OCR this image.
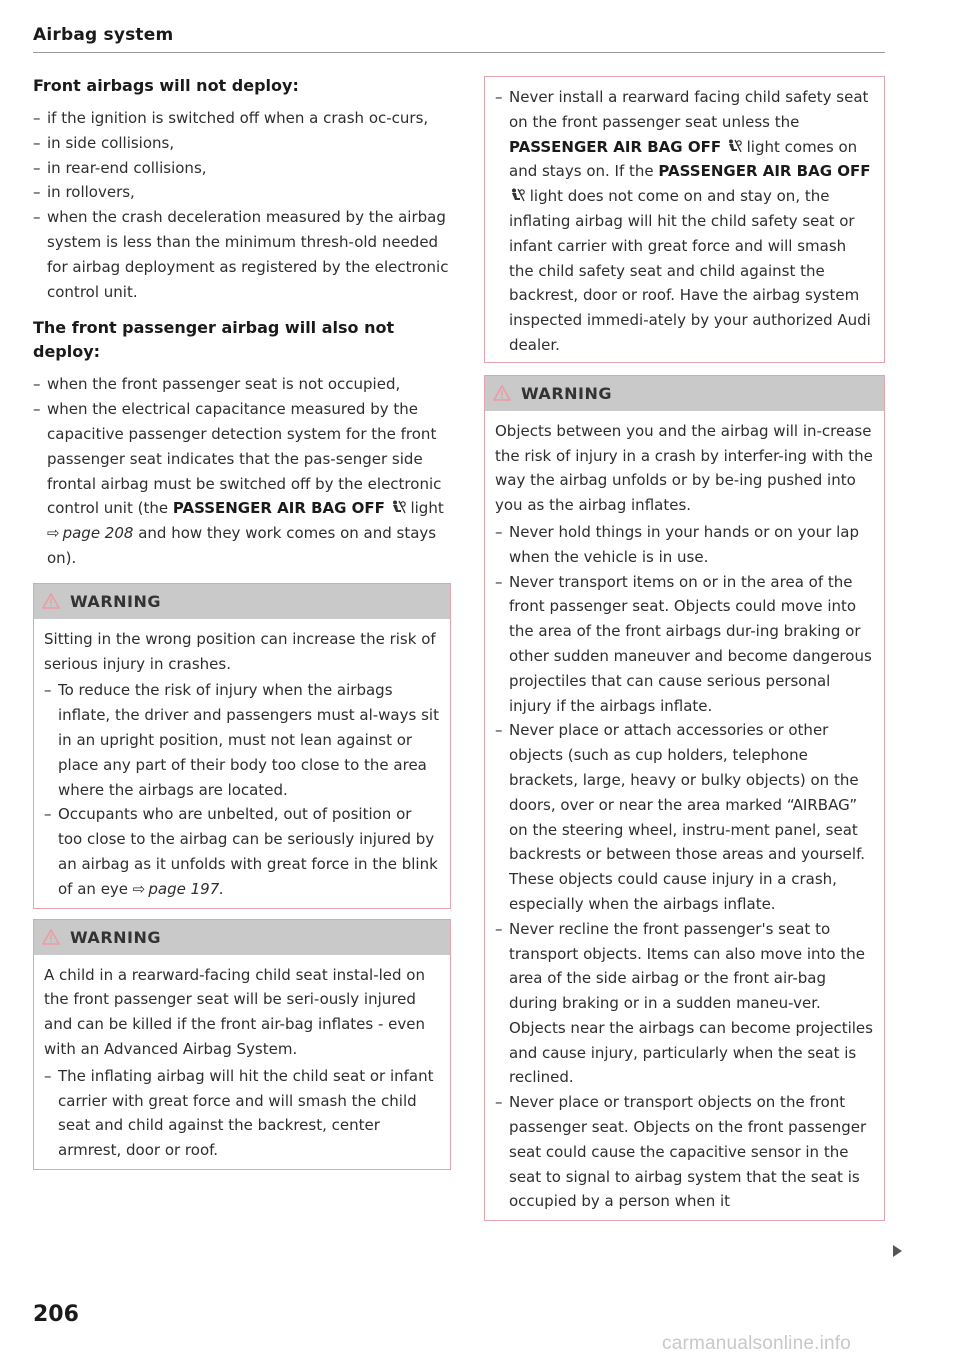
Airbag system
Front airbags will not deploy:
– if the ignition is switched off when a crash oc-curs,
– in side collisions,
– in rear-end collisions,
– in rollovers,
– when the crash deceleration measured by the airbag system is less than the minimum thresh-old needed for airbag deployment as registered by the electronic control unit.
The front passenger airbag will also not deploy:
– when the front passenger seat is not occupied,
– when the electrical capacitance measured by the capacitive passenger detection system for the front passenger seat indicates that the pas-senger side frontal airbag must be switched off by the electronic control unit (the PASSENGER AIR BAG OFF  light ⇨  page 208 and how they work comes on and stays on).
WARNING

Sitting in the wrong position can increase the risk of serious injury in crashes.

– To reduce the risk of injury when the airbags inflate, the driver and passengers must al-ways sit in an upright position, must not lean against or place any part of their body too close to the area where the airbags are located.
– Occupants who are unbelted, out of position or too close to the airbag can be seriously injured by an airbag as it unfolds with great force in the blink of an eye ⇨  page 197.
WARNING

A child in a rearward-facing child seat instal-led on the front passenger seat will be seri-ously injured and can be killed if the front air-bag inflates - even with an Advanced Airbag System.

– The inflating airbag will hit the child seat or infant carrier with great force and will smash the child seat and child against the backrest, center armrest, door or roof.
– Never install a rearward facing child safety seat on the front passenger seat unless the PASSENGER AIR BAG OFF  light comes on and stays on. If the PASSENGER AIR BAG OFF  light does not come on and stay on, the inflating airbag will hit the child safety seat or infant carrier with great force and will smash the child safety seat and child against the backrest, door or roof. Have the airbag system inspected immedi-ately by your authorized Audi dealer.
WARNING

Objects between you and the airbag will in-crease the risk of injury in a crash by interfer-ing with the way the airbag unfolds or by be-ing pushed into you as the airbag inflates.

– Never hold things in your hands or on your lap when the vehicle is in use.
– Never transport items on or in the area of the front passenger seat. Objects could move into the area of the front airbags dur-ing braking or other sudden maneuver and become dangerous projectiles that can cause serious personal injury if the airbags inflate.
– Never place or attach accessories or other objects (such as cup holders, telephone brackets, large, heavy or bulky objects) on the doors, over or near the area marked “AIRBAG” on the steering wheel, instru-ment panel, seat backrests or between those areas and yourself. These objects could cause injury in a crash, especially when the airbags inflate.
– Never recline the front passenger's seat to transport objects. Items can also move into the area of the side airbag or the front air-bag during braking or in a sudden maneu-ver. Objects near the airbags can become projectiles and cause injury, particularly when the seat is reclined.
– Never place or transport objects on the front passenger seat. Objects on the front passenger seat could cause the capacitive sensor in the seat to signal to airbag system that the seat is occupied by a person when it
206
carmanualsonline.info
